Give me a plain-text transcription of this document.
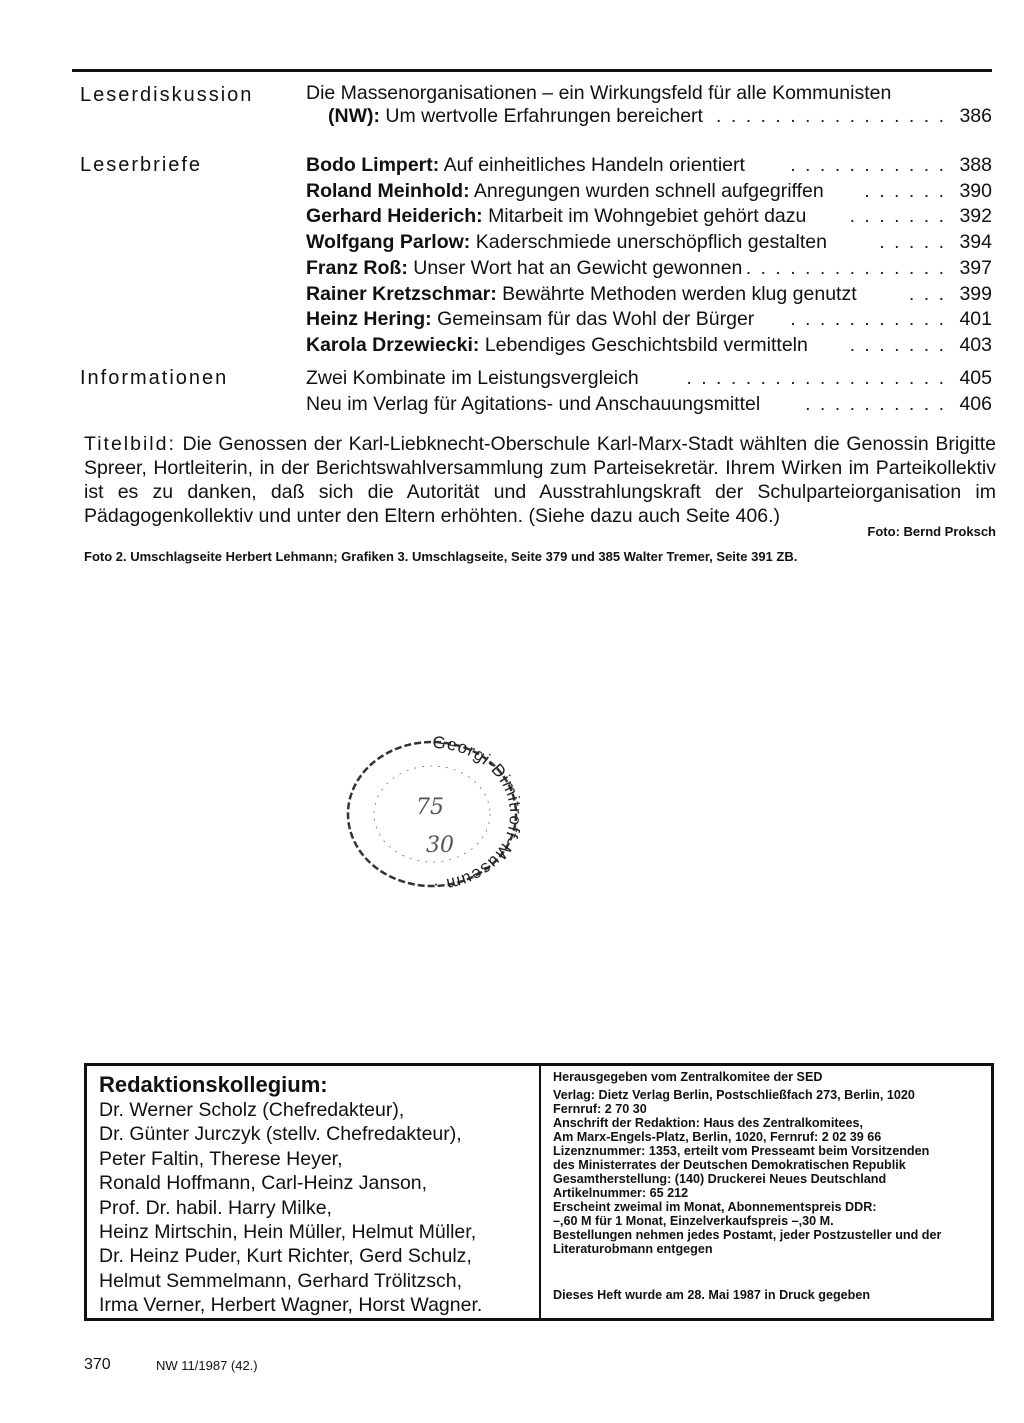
Leserdiskussion	Die Massenorganisationen – ein Wirkungsfeld für alle Kommunisten
(NW): Um wertvolle Erfahrungen bereichert . . . . . . . . . . . . . . . . 386
Leserbriefe	Bodo Limpert: Auf einheitliches Handeln orientiert . . . . . . . . . . . 388
Roland Meinhold: Anregungen wurden schnell aufgegriffen . . . . . . 390
Gerhard Heiderich: Mitarbeit im Wohngebiet gehört dazu . . . . . . . 392
Wolfgang Parlow: Kaderschmiede unerschöpflich gestalten	. . . . . 394
Franz Roß: Unser Wort hat an Gewicht gewonnen . . . . . . . . . . . . . . 397
Rainer Kretzschmar: Bewährte Methoden werden klug genutzt	. . . 399
Heinz Hering: Gemeinsam für das Wohl der Bürger . . . . . . . . . . . 401
Karola Drzewiecki: Lebendiges Geschichtsbild vermitteln . . . . . . . 403
Informationen	Zwei Kombinate im Leistungsvergleich . . . . . . . . . . . . . . . . . . 405
Neu im Verlag für Agitations- und Anschauungsmittel . . . . . . . . . . 406
Titelbild: Die Genossen der Karl-Liebknecht-Oberschule Karl-Marx-Stadt wählten die Genossin Brigitte Spreer, Hortleiterin, in der Berichtswahlversammlung zum Parteisekretär. Ihrem Wirken im Parteikollektiv ist es zu danken, daß sich die Autorität und Ausstrahlungskraft der Schulparteiorganisation im Pädagogenkollektiv und unter den Eltern erhöhten. (Siehe dazu auch Seite 406.)
Foto: Bernd Proksch
Foto 2. Umschlagseite Herbert Lehmann; Grafiken 3. Umschlagseite, Seite 379 und 385 Walter Tremer, Seite 391 ZB.
Georgi-Dim f-Museum ·
75
30
Redaktionskollegium:
Dr. Werner Scholz (Chefredakteur),
Dr. Günter Jurczyk (stellv. Chefredakteur),
Peter Faltin, Therese Heyer,
Ronald Hoffmann, Carl-Heinz Janson,
Prof. Dr. habil. Harry Milke,
Heinz Mirtschin, Hein Müller, Helmut Müller,
Dr. Heinz Puder, Kurt Richter, Gerd Schulz,
Helmut Semmelmann, Gerhard Trölitzsch,
Irma Verner, Herbert Wagner, Horst Wagner.
Herausgegeben vom Zentralkomitee der SED
Verlag: Dietz Verlag Berlin, Postschließfach 273, Berlin, 1020
Fernruf: 2 70 30
Anschrift der Redaktion: Haus des Zentralkomitees,
Am Marx-Engels-Platz, Berlin, 1020, Fernruf: 2 02 39 66
Lizenznummer: 1353, erteilt vom Presseamt beim Vorsitzenden
des Ministerrates der Deutschen Demokratischen Republik
Gesamtherstellung: (140) Druckerei Neues Deutschland
Artikelnummer: 65 212
Erscheint zweimal im Monat, Abonnementspreis DDR:
–,60 M für 1 Monat, Einzelverkaufspreis –,30 M.
Bestellungen nehmen jedes Postamt, jeder Postzusteller und der
Literaturobmann entgegen
Dieses Heft wurde am 28. Mai 1987 in Druck gegeben
370	NW 11/1987 (42.)
